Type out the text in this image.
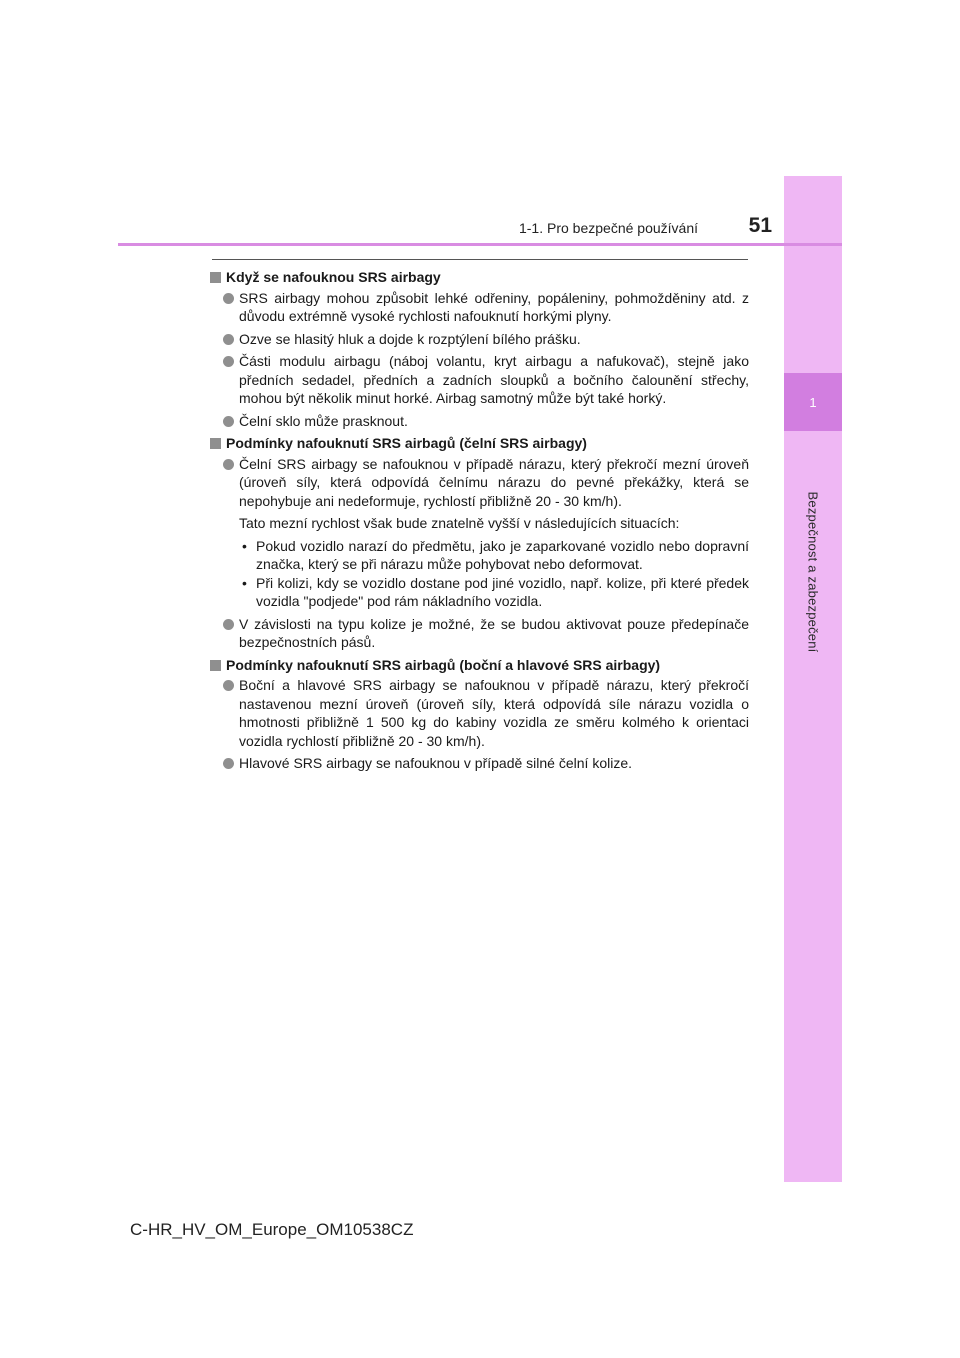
1
Bezpečnost a zabezpečení
1-1. Pro bezpečné používání	51
Když se nafouknou SRS airbagy
SRS airbagy mohou způsobit lehké odřeniny, popáleniny, pohmožděniny atd. z důvodu extrémně vysoké rychlosti nafouknutí horkými plyny.
Ozve se hlasitý hluk a dojde k rozptýlení bílého prášku.
Části modulu airbagu (náboj volantu, kryt airbagu a nafukovač), stejně jako předních sedadel, předních a zadních sloupků a bočního čalounění střechy, mohou být několik minut horké. Airbag samotný může být také horký.
Čelní sklo může prasknout.
Podmínky nafouknutí SRS airbagů (čelní SRS airbagy)
Čelní SRS airbagy se nafouknou v případě nárazu, který překročí mezní úroveň (úroveň síly, která odpovídá čelnímu nárazu do pevné překážky, která se nepohybuje ani nedeformuje, rychlostí přibližně 20 - 30 km/h).
Tato mezní rychlost však bude znatelně vyšší v následujících situacích:
• Pokud vozidlo narazí do předmětu, jako je zaparkované vozidlo nebo dopravní značka, který se při nárazu může pohybovat nebo deformovat.
• Při kolizi, kdy se vozidlo dostane pod jiné vozidlo, např. kolize, při které předek vozidla "podjede" pod rám nákladního vozidla.
V závislosti na typu kolize je možné, že se budou aktivovat pouze předepínače bezpečnostních pásů.
Podmínky nafouknutí SRS airbagů (boční a hlavové SRS airbagy)
Boční a hlavové SRS airbagy se nafouknou v případě nárazu, který překročí nastavenou mezní úroveň (úroveň síly, která odpovídá síle nárazu vozidla o hmotnosti přibližně 1 500 kg do kabiny vozidla ze směru kolmého k orientaci vozidla rychlostí přibližně 20 - 30 km/h).
Hlavové SRS airbagy se nafouknou v případě silné čelní kolize.
C-HR_HV_OM_Europe_OM10538CZ
